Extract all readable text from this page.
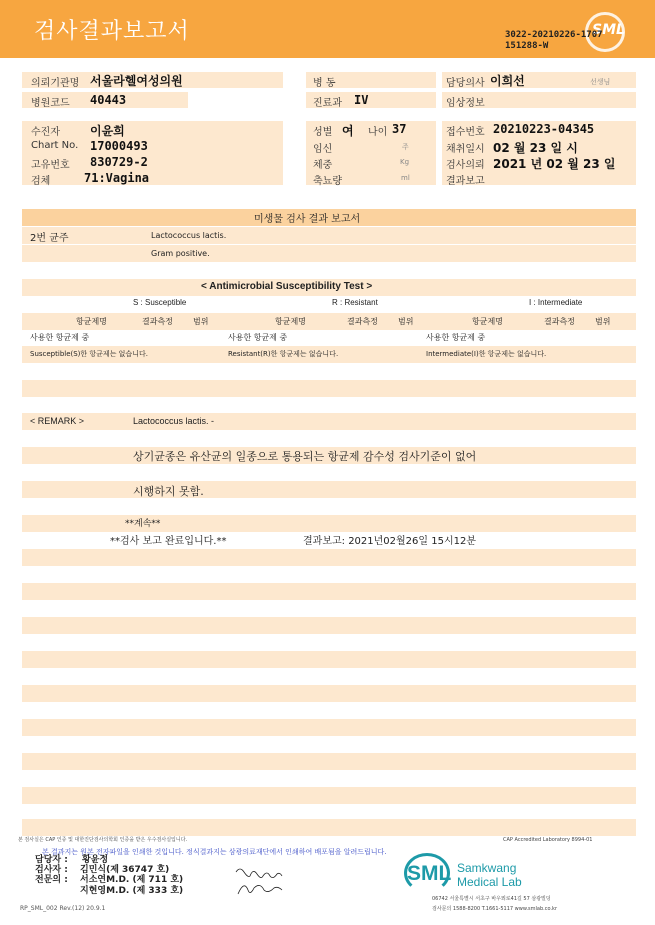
검사결과보고서	SML
3022-20210226-1707
151288-W
의뢰기관명 서울라헬여성의원	병 동	담당의사 이희선	선생님
병원코드 40443	진료과 IV	임상정보
수진자	이윤희
Chart No. 17000493
고유번호 830729-2
검체	71:Vagina
성별 여 나이 37
임신	주
체중	Kg
축뇨량	ml
접수번호 20210223-04345
채취일시 02 월 23 일 시
검사의뢰 2021 년 02 월 23 일
결과보고
미생물 검사 결과 보고서
2번 균주	Lactococcus lactis.
Gram positive.
< Antimicrobial Susceptibility Test >
S : Susceptible	R : Resistant	I : Intermediate
항균제명	결과측정	범위	항균제명	결과측정	범위	항균제명	결과측정	범위
사용한 항균제 중	사용한 항균제 중	사용한 항균제 중
Susceptible(S)한 항균제는 없습니다.	Resistant(R)한 항균제는 없습니다.	Intermediate(I)한 항균제는 없습니다.
< REMARK >	Lactococcus lactis. -
상기균종은 유산균의 일종으로 통용되는 항균제 감수성 검사기준이 없어
시행하지 못함.
**계속**
**검사 보고 완료입니다.**	결과보고: 2021년02월26일 15시12분
본 검사실은 CAP 인증 및 대한진단검사의학회 인증을 받은 우수검사실입니다.	CAP Accredited Laboratory 8994-01
본 결과지는 원본 전자파일을 인쇄한 것입니다. 정식결과지는 삼광의료재단에서 인쇄하여 배포됨을 알려드립니다.
담당자 : 황윤정
검사자 : 김민식(제 36747 호)
전문의 : 서소연M.D. (제 711 호)
지현영M.D. (제 333 호)
SML Samkwang
Medical Lab
06742 서울특별시 서초구 바우뫼로41길 57 삼광빌딩
검사문의 1588-8200 T.1661-5117 www.smlab.co.kr
RP_SML_002 Rev.(12) 20.9.1
